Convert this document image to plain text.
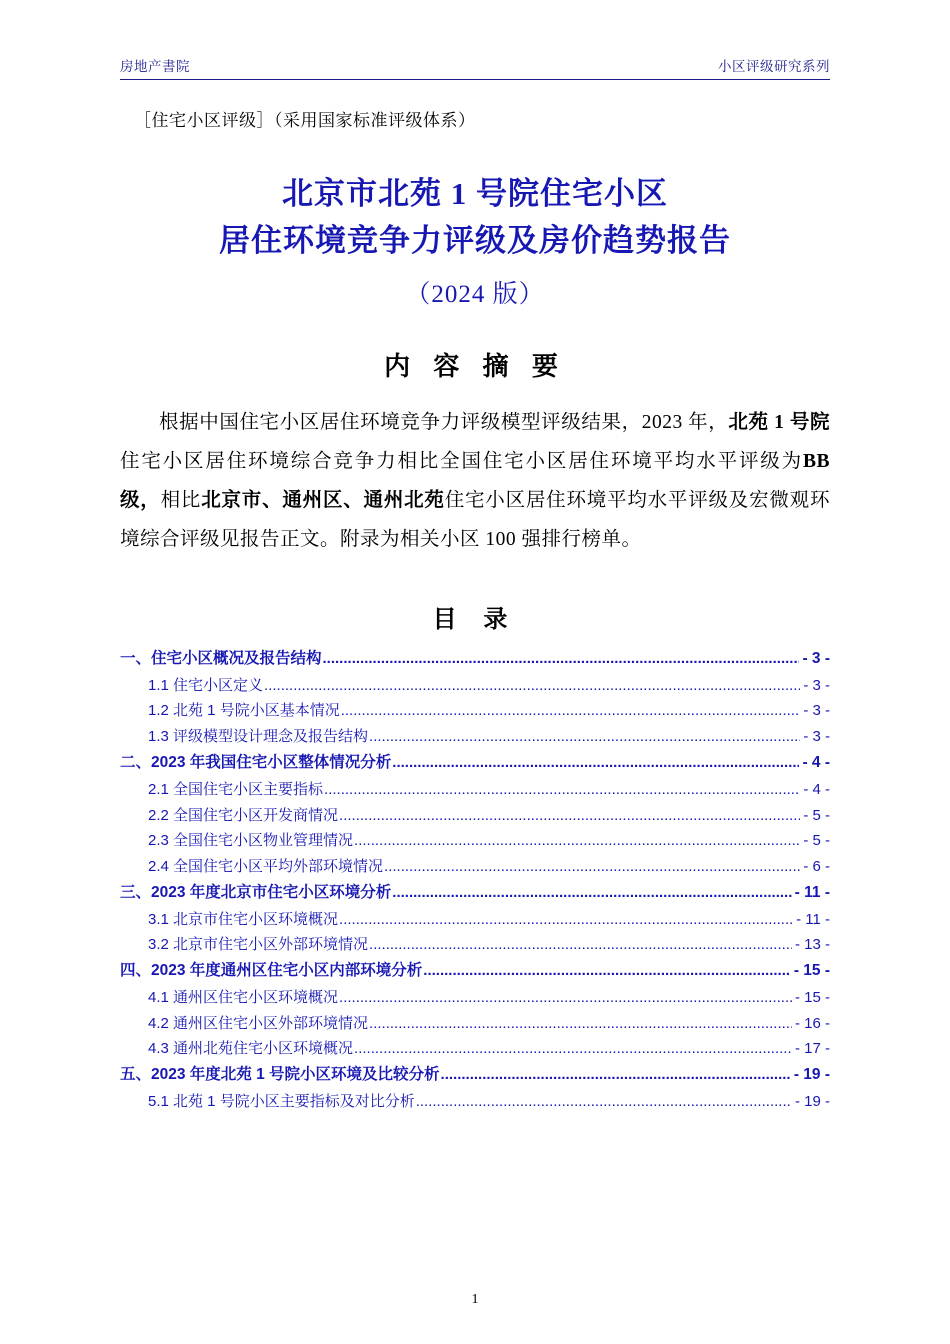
房地产書院	小区评级研究系列
［住宅小区评级］（采用国家标准评级体系）
北京市北苑 1 号院住宅小区
居住环境竞争力评级及房价趋势报告
（2024 版）
内 容 摘 要
根据中国住宅小区居住环境竞争力评级模型评级结果，2023 年，北苑 1 号院住宅小区居住环境综合竞争力相比全国住宅小区居住环境平均水平评级为BB 级，相比北京市、通州区、通州北苑住宅小区居住环境平均水平评级及宏微观环境综合评级见报告正文。附录为相关小区 100 强排行榜单。
目 录
一、住宅小区概况及报告结构 .....	- 3 -
1.1 住宅小区定义 .....	- 3 -
1.2 北苑 1 号院小区基本情况 .....	- 3 -
1.3 评级模型设计理念及报告结构 .....	- 3 -
二、2023 年我国住宅小区整体情况分析 .....	- 4 -
2.1 全国住宅小区主要指标 .....	- 4 -
2.2 全国住宅小区开发商情况 .....	- 5 -
2.3 全国住宅小区物业管理情况 .....	- 5 -
2.4 全国住宅小区平均外部环境情况 .....	- 6 -
三、2023 年度北京市住宅小区环境分析 .....	- 11 -
3.1 北京市住宅小区环境概况 .....	- 11 -
3.2 北京市住宅小区外部环境情况 .....	- 13 -
四、2023 年度通州区住宅小区内部环境分析 .....	- 15 -
4.1 通州区住宅小区环境概况 .....	- 15 -
4.2 通州区住宅小区外部环境情况 .....	- 16 -
4.3 通州北苑住宅小区环境概况 .....	- 17 -
五、2023 年度北苑 1 号院小区环境及比较分析 .....	- 19 -
5.1 北苑 1 号院小区主要指标及对比分析 .....	- 19 -
1
